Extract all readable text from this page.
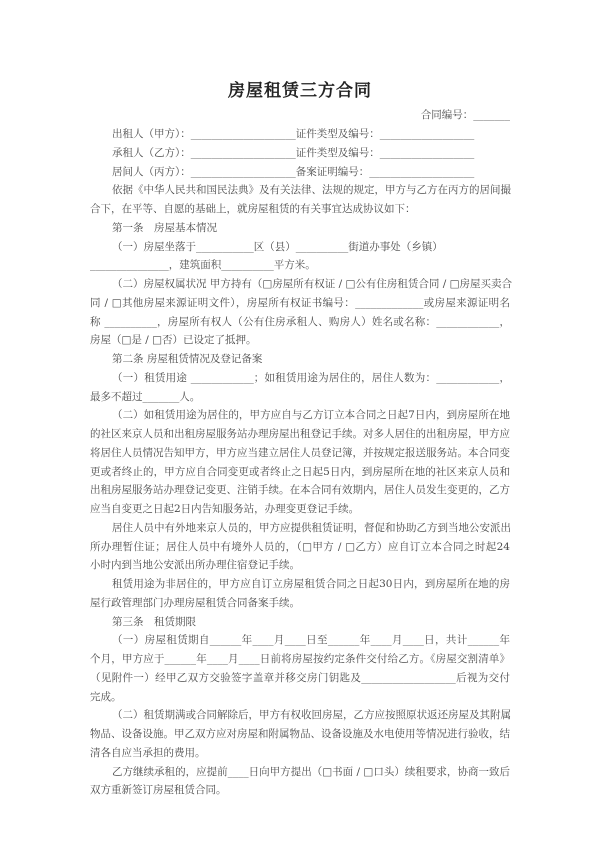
房屋租赁三方合同
合同编号：_______
出租人（甲方）：____________________证件类型及编号：__________________
承租人（乙方）：____________________证件类型及编号：__________________
居间人（丙方）：____________________备案证明编号：____________________
依据《中华人民共和国民法典》及有关法律、法规的规定，甲方与乙方在丙方的居间撮
合下，在平等、自愿的基础上，就房屋租赁的有关事宜达成协议如下：
第一条　房屋基本情况
（一）房屋坐落于___________区（县）__________街道办事处（乡镇）
_______________，建筑面积__________平方米。
（二）房屋权属状况 甲方持有（□房屋所有权证 / □公有住房租赁合同 / □房屋买卖合
同 / □其他房屋来源证明文件），房屋所有权证书编号：_____________或房屋来源证明名
称 __________，房屋所有权人（公有住房承租人、购房人）姓名或名称：____________，
房屋（□是 / □否）已设定了抵押。
第二条 房屋租赁情况及登记备案
（一）租赁用途 ____________；如租赁用途为居住的，居住人数为：____________，
最多不超过_______人。
（二）如租赁用途为居住的，甲方应自与乙方订立本合同之日起7日内，到房屋所在地
的社区来京人员和出租房屋服务站办理房屋出租登记手续。对多人居住的出租房屋，甲方应
将居住人员情况告知甲方，甲方应当建立居住人员登记簿，并按规定报送服务站。本合同变
更或者终止的，甲方应自合同变更或者终止之日起5日内，到房屋所在地的社区来京人员和
出租房屋服务站办理登记变更、注销手续。在本合同有效期内，居住人员发生变更的，乙方
应当自变更之日起2日内告知服务站，办理变更登记手续。
居住人员中有外地来京人员的，甲方应提供租赁证明，督促和协助乙方到当地公安派出
所办理暂住证；居住人员中有境外人员的，（□甲方 / □乙方）应自订立本合同之时起24
小时内到当地公安派出所办理住宿登记手续。
租赁用途为非居住的，甲方应自订立房屋租赁合同之日起30日内，到房屋所在地的房
屋行政管理部门办理房屋租赁合同备案手续。
第三条　租赁期限
（一）房屋租赁期自______年____月____日至______年____月____日，共计______年
个月，甲方应于______年____月____日前将房屋按约定条件交付给乙方。《房屋交割清单》
（见附件一）经甲乙双方交验签字盖章并移交房门钥匙及__________________后视为交付
完成。
（二）租赁期满或合同解除后，甲方有权收回房屋，乙方应按照原状返还房屋及其附属
物品、设备设施。甲乙双方应对房屋和附属物品、设备设施及水电使用等情况进行验收，结
清各自应当承担的费用。
乙方继续承租的，应提前____日向甲方提出（□书面 / □口头）续租要求，协商一致后
双方重新签订房屋租赁合同。
